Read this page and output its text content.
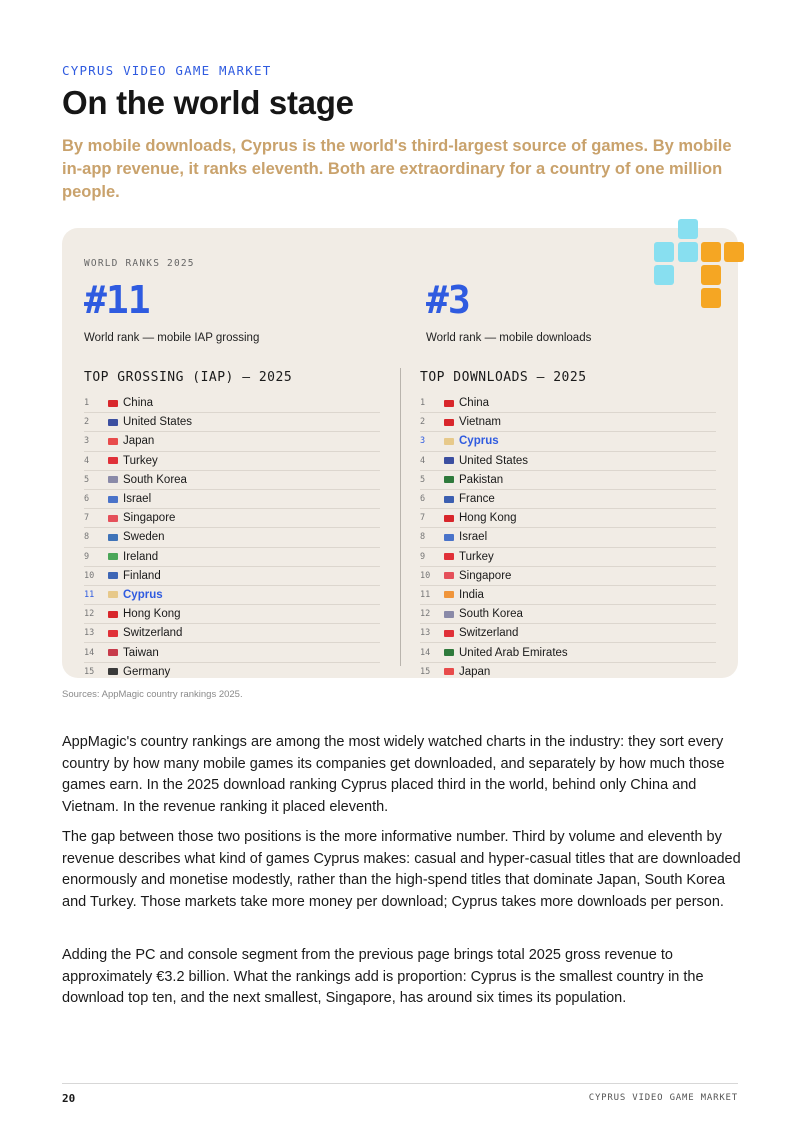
CYPRUS VIDEO GAME MARKET
On the world stage

By mobile downloads, Cyprus is the world's third-largest source of games. By mobile in-app revenue, it ranks eleventh. Both are extraordinary for a country of one million people.

WORLD RANKS 2025
#11
World rank — mobile IAP grossing
#3
World rank — mobile downloads
TOP GROSSING (IAP) — 2025	TOP DOWNLOADS — 2025
1	China
2	United States
3	Japan
4	Turkey
5	South Korea
6	Israel
7	Singapore
8	Sweden
9	Ireland
10	Finland
11	Cyprus
12	Hong Kong
13	Switzerland
14	Taiwan
15	Germany
1	China
2	Vietnam
3	Cyprus
4	United States
5	Pakistan
6	France
7	Hong Kong
8	Israel
9	Turkey
10	Singapore
11	India
12	South Korea
13	Switzerland
14	United Arab Emirates
15	Japan
Sources: AppMagic country rankings 2025.

AppMagic's country rankings are among the most widely watched charts in the industry: they sort every country by how many mobile games its companies get downloaded, and separately by how much those games earn. In the 2025 download ranking Cyprus placed third in the world, behind only China and Vietnam. In the revenue ranking it placed eleventh.

The gap between those two positions is the more informative number. Third by volume and eleventh by revenue describes what kind of games Cyprus makes: casual and hyper-casual titles that are downloaded enormously and monetise modestly, rather than the high-spend titles that dominate Japan, South Korea and Turkey. Those markets take more money per download; Cyprus takes more downloads per person.

Adding the PC and console segment from the previous page brings total 2025 gross revenue to approximately €3.2 billion. What the rankings add is proportion: Cyprus is the smallest country in the download top ten, and the next smallest, Singapore, has around six times its population.

20	CYPRUS VIDEO GAME MARKET
